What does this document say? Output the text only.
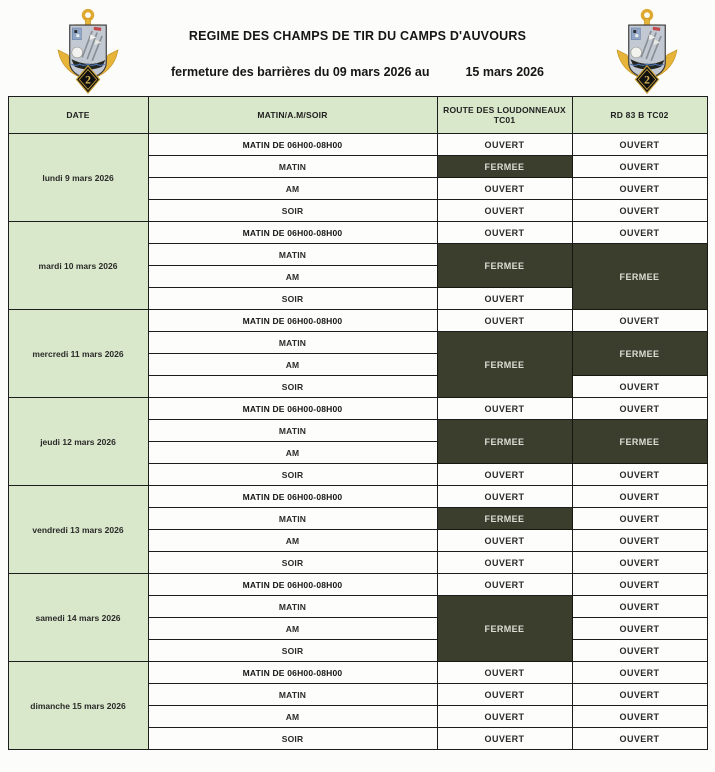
REGIME DES CHAMPS DE TIR DU CAMPS D'AUVOURS
fermeture des barrières du 09 mars 2026 au	15 mars 2026
DATE	MATIN/A.M/SOIR	ROUTE DES LOUDONNEAUX TC01	RD 83 B TC02
lundi 9 mars 2026	MATIN DE 06H00-08H00	OUVERT	OUVERT
	MATIN	FERMEE	OUVERT
	AM	OUVERT	OUVERT
	SOIR	OUVERT	OUVERT
mardi 10 mars 2026	MATIN DE 06H00-08H00	OUVERT	OUVERT
	MATIN	FERMEE	FERMEE
	AM		
	SOIR	OUVERT	
mercredi 11 mars 2026	MATIN DE 06H00-08H00	OUVERT	OUVERT
	MATIN	FERMEE	FERMEE
	AM		
	SOIR		OUVERT
jeudi 12 mars 2026	MATIN DE 06H00-08H00	OUVERT	OUVERT
	MATIN	FERMEE	FERMEE
	AM		
	SOIR	OUVERT	OUVERT
vendredi 13 mars 2026	MATIN DE 06H00-08H00	OUVERT	OUVERT
	MATIN	FERMEE	OUVERT
	AM	OUVERT	OUVERT
	SOIR	OUVERT	OUVERT
samedi 14 mars 2026	MATIN DE 06H00-08H00	OUVERT	OUVERT
	MATIN	FERMEE	OUVERT
	AM		OUVERT
	SOIR		OUVERT
dimanche 15 mars 2026	MATIN DE 06H00-08H00	OUVERT	OUVERT
	MATIN	OUVERT	OUVERT
	AM	OUVERT	OUVERT
	SOIR	OUVERT	OUVERT
